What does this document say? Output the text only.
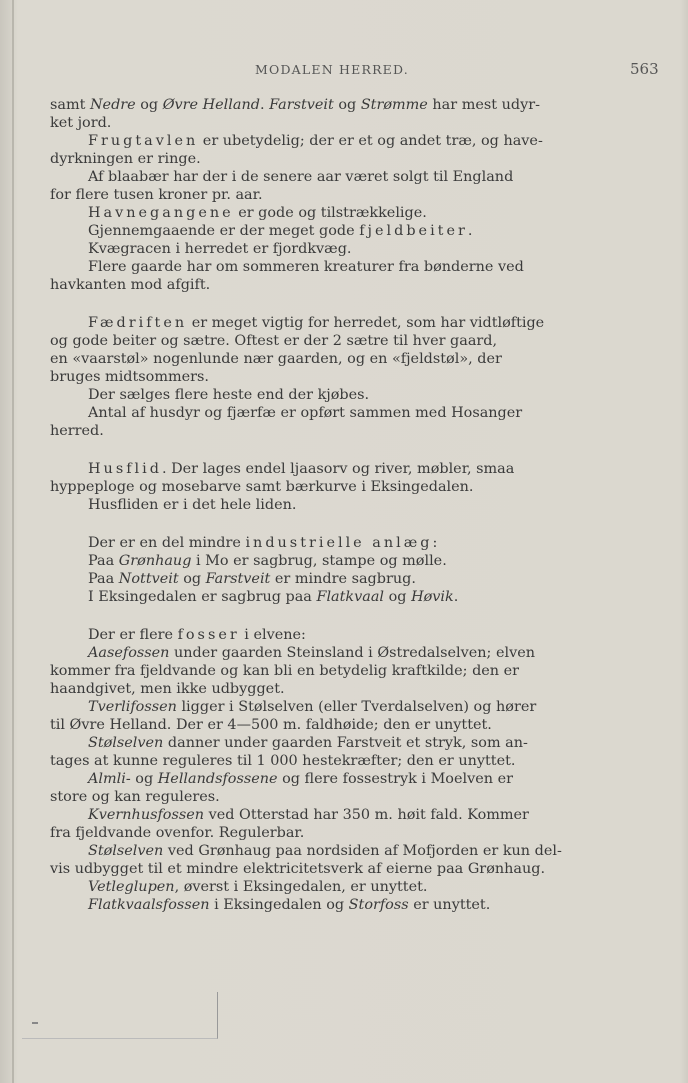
MODALEN HERRED.	563
samt Nedre og Øvre Helland. Farstveit og Strømme har mest udyr-
ket jord.
Frugtavlen er ubetydelig; der er et og andet træ, og have-
dyrkningen er ringe.
Af blaabær har der i de senere aar været solgt til England
for flere tusen kroner pr. aar.
Havnegangene er gode og tilstrækkelige.
Gjennemgaaende er der meget gode fjeldbeiter.
Kvægracen i herredet er fjordkvæg.
Flere gaarde har om sommeren kreaturer fra bønderne ved
havkanten mod afgift.
Fædriften er meget vigtig for herredet, som har vidtløftige
og gode beiter og sætre. Oftest er der 2 sætre til hver gaard,
en «vaarstøl» nogenlunde nær gaarden, og en «fjeldstøl», der
bruges midtsommers.
Der sælges flere heste end der kjøbes.
Antal af husdyr og fjærfæ er opført sammen med Hosanger
herred.
Husflid. Der lages endel ljaasorv og river, møbler, smaa
hyppeploge og mosebarve samt bærkurve i Eksingedalen.
Husfliden er i det hele liden.
Der er en del mindre industrielle anlæg:
Paa Grønhaug i Mo er sagbrug, stampe og mølle.
Paa Nottveit og Farstveit er mindre sagbrug.
I Eksingedalen er sagbrug paa Flatkvaal og Høvik.
Der er flere fosser i elvene:
Aasefossen under gaarden Steinsland i Østredalselven; elven
kommer fra fjeldvande og kan bli en betydelig kraftkilde; den er
haandgivet, men ikke udbygget.
Tverlifossen ligger i Stølselven (eller Tverdalselven) og hører
til Øvre Helland. Der er 4—500 m. faldhøide; den er unyttet.
Stølselven danner under gaarden Farstveit et stryk, som an-
tages at kunne reguleres til 1 000 hestekræfter; den er unyttet.
Almli- og Hellandsfossene og flere fossestryk i Moelven er
store og kan reguleres.
Kvernhusfossen ved Otterstad har 350 m. høit fald. Kommer
fra fjeldvande ovenfor. Regulerbar.
Stølselven ved Grønhaug paa nordsiden af Mofjorden er kun del-
vis udbygget til et mindre elektricitetsverk af eierne paa Grønhaug.
Vetleglupen, øverst i Eksingedalen, er unyttet.
Flatkvaalsfossen i Eksingedalen og Storfoss er unyttet.
